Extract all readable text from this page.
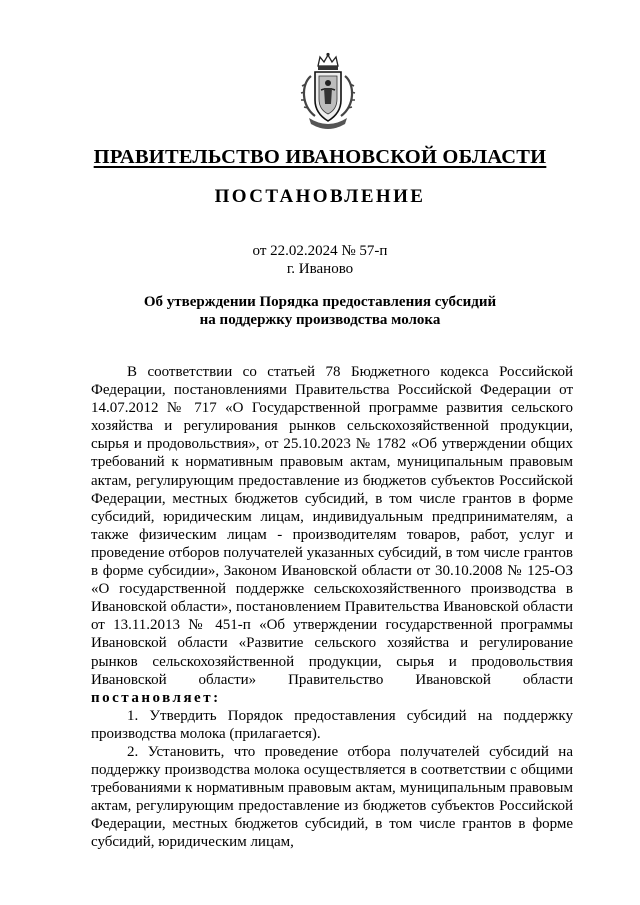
ПРАВИТЕЛЬСТВО ИВАНОВСКОЙ ОБЛАСТИ
ПОСТАНОВЛЕНИЕ
от 22.02.2024 № 57-п
г. Иваново
Об утверждении Порядка предоставления субсидий
на поддержку производства молока

В соответствии со статьей 78 Бюджетного кодекса Российской Федерации, постановлениями Правительства Российской Федерации от 14.07.2012 № 717 «О Государственной программе развития сельского хозяйства и регулирования рынков сельскохозяйственной продукции, сырья и продовольствия», от 25.10.2023 № 1782 «Об утверждении общих требований к нормативным правовым актам, муниципальным правовым актам, регулирующим предоставление из бюджетов субъектов Российской Федерации, местных бюджетов субсидий, в том числе грантов в форме субсидий, юридическим лицам, индивидуальным предпринимателям, а также физическим лицам - производителям товаров, работ, услуг и проведение отборов получателей указанных субсидий, в том числе грантов в форме субсидии», Законом Ивановской области от 30.10.2008 № 125-ОЗ «О государственной поддержке сельскохозяйственного производства в Ивановской области», постановлением Правительства Ивановской области от 13.11.2013 № 451-п «Об утверждении государственной программы Ивановской области «Развитие сельского хозяйства и регулирование рынков сельскохозяйственной продукции, сырья и продовольствия Ивановской области» Правительство Ивановской области постановляет:

1. Утвердить Порядок предоставления субсидий на поддержку производства молока (прилагается).

2. Установить, что проведение отбора получателей субсидий на поддержку производства молока осуществляется в соответствии с общими требованиями к нормативным правовым актам, муниципальным правовым актам, регулирующим предоставление из бюджетов субъектов Российской Федерации, местных бюджетов субсидий, в том числе грантов в форме субсидий, юридическим лицам,
